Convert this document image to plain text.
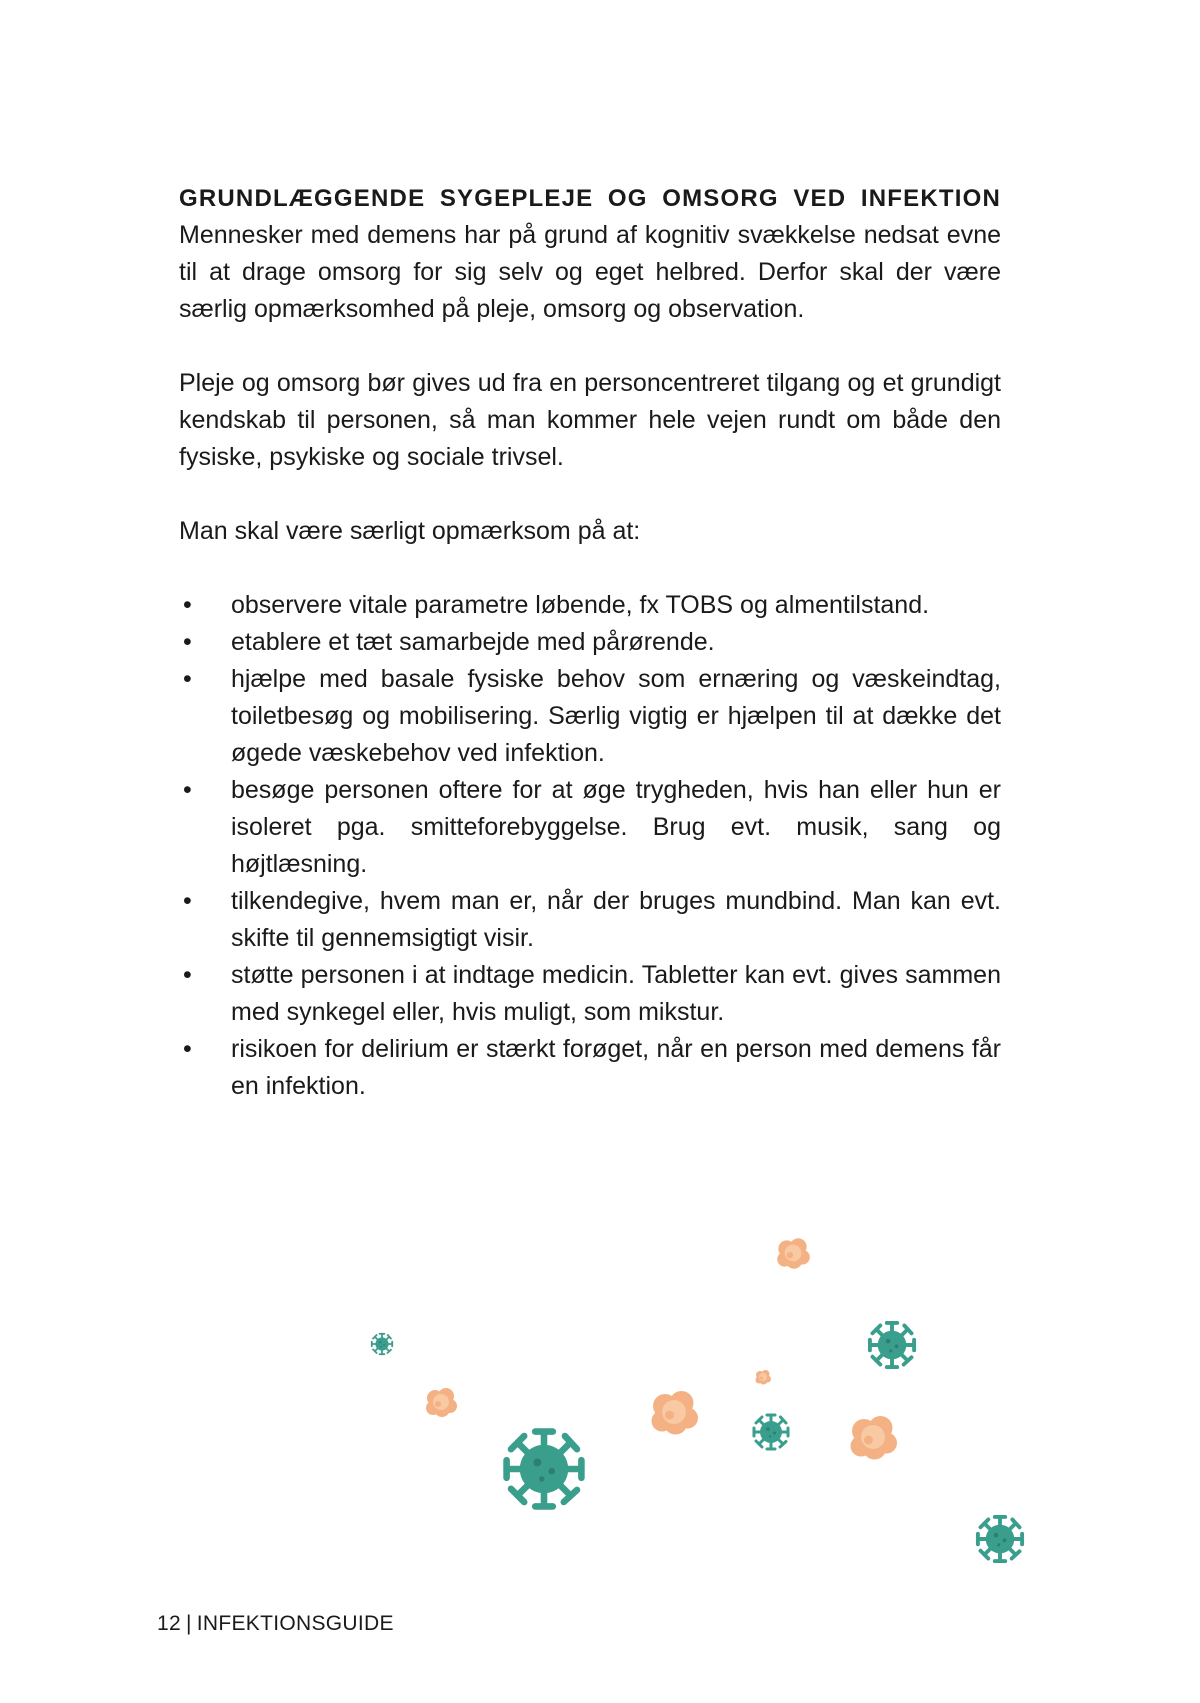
GRUNDLÆGGENDE SYGEPLEJE OG OMSORG VED INFEKTION

Mennesker med demens har på grund af kognitiv svækkelse nedsat evne til at drage omsorg for sig selv og eget helbred. Derfor skal der være særlig opmærksomhed på pleje, omsorg og observation.

Pleje og omsorg bør gives ud fra en personcentreret tilgang og et grundigt kendskab til personen, så man kommer hele vejen rundt om både den fysiske, psykiske og sociale trivsel.

Man skal være særligt opmærksom på at:

• observere vitale parametre løbende, fx TOBS og almentilstand.
• etablere et tæt samarbejde med pårørende.
• hjælpe med basale fysiske behov som ernæring og væskeindtag, toiletbesøg og mobilisering. Særlig vigtig er hjælpen til at dække det øgede væskebehov ved infektion.
• besøge personen oftere for at øge trygheden, hvis han eller hun er isoleret pga. smitteforebyggelse. Brug evt. musik, sang og højtlæsning.
• tilkendegive, hvem man er, når der bruges mundbind. Man kan evt. skifte til gennemsigtigt visir.
• støtte personen i at indtage medicin. Tabletter kan evt. gives sammen med synkegel eller, hvis muligt, som mikstur.
• risikoen for delirium er stærkt forøget, når en person med demens får en infektion.
12 | INFEKTIONSGUIDE
